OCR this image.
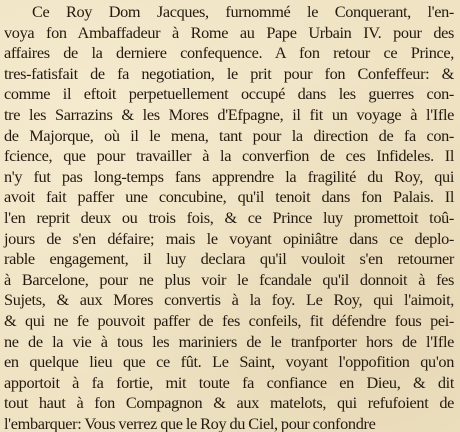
Ce Roy Dom Jacques, furnommé le Conquerant, l'en-
voya fon Ambaffadeur à Rome au Pape Urbain IV. pour des
affaires de la derniere confequence. A fon retour ce Prince,
tres-fatisfait de fa negotiation, le prit pour fon Confeffeur: &
comme il eftoit perpetuellement occupé dans les guerres con-
tre les Sarrazins & les Mores d'Efpagne, il fit un voyage à l'Ifle
de Majorque, où il le mena, tant pour la direction de fa con-
fcience, que pour travailler à la converfion de ces Infideles. Il
n'y fut pas long-temps fans apprendre la fragilité du Roy, qui
avoit fait paffer une concubine, qu'il tenoit dans fon Palais. Il
l'en reprit deux ou trois fois, & ce Prince luy promettoit toû-
jours de s'en défaire; mais le voyant opiniâtre dans ce deplo-
rable engagement, il luy declara qu'il vouloit s'en retourner
à Barcelone, pour ne plus voir le fcandale qu'il donnoit à fes
Sujets, & aux Mores convertis à la foy. Le Roy, qui l'aimoit,
& qui ne fe pouvoit paffer de fes confeils, fit défendre fous pei-
ne de la vie à tous les mariniers de le tranfporter hors de l'Ifle
en quelque lieu que ce fût. Le Saint, voyant l'oppofition qu'on
apportoit à fa fortie, mit toute fa confiance en Dieu, & dit
tout haut à fon Compagnon & aux matelots, qui refufoient de
l'embarquer: Vous verrez que le Roy du Ciel, pour confondre
